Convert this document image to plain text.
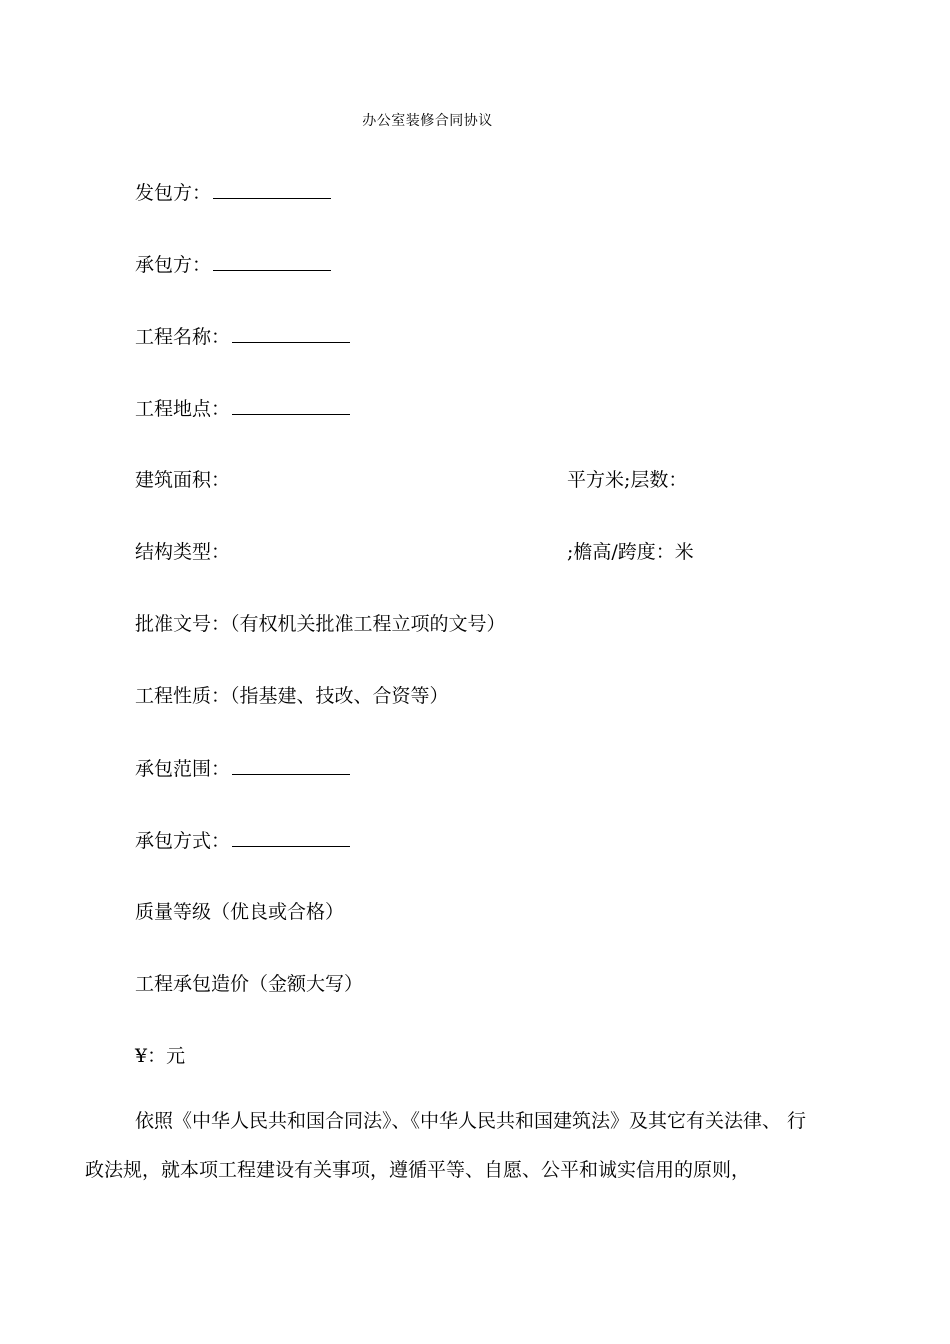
办公室装修合同协议
发包方：
承包方：
工程名称：
工程地点：
建筑面积：	平方米;层数：
结构类型：	;檐高/跨度：米
批准文号：（有权机关批准工程立项的文号）
工程性质：（指基建、技改、合资等）
承包范围：
承包方式：
质量等级（优良或合格）
工程承包造价（金额大写）
¥：元
依照《中华人民共和国合同法》、《中华人民共和国建筑法》及其它有关法律、 行
政法规，就本项工程建设有关事项，遵循平等、自愿、公平和诚实信用的原则，
